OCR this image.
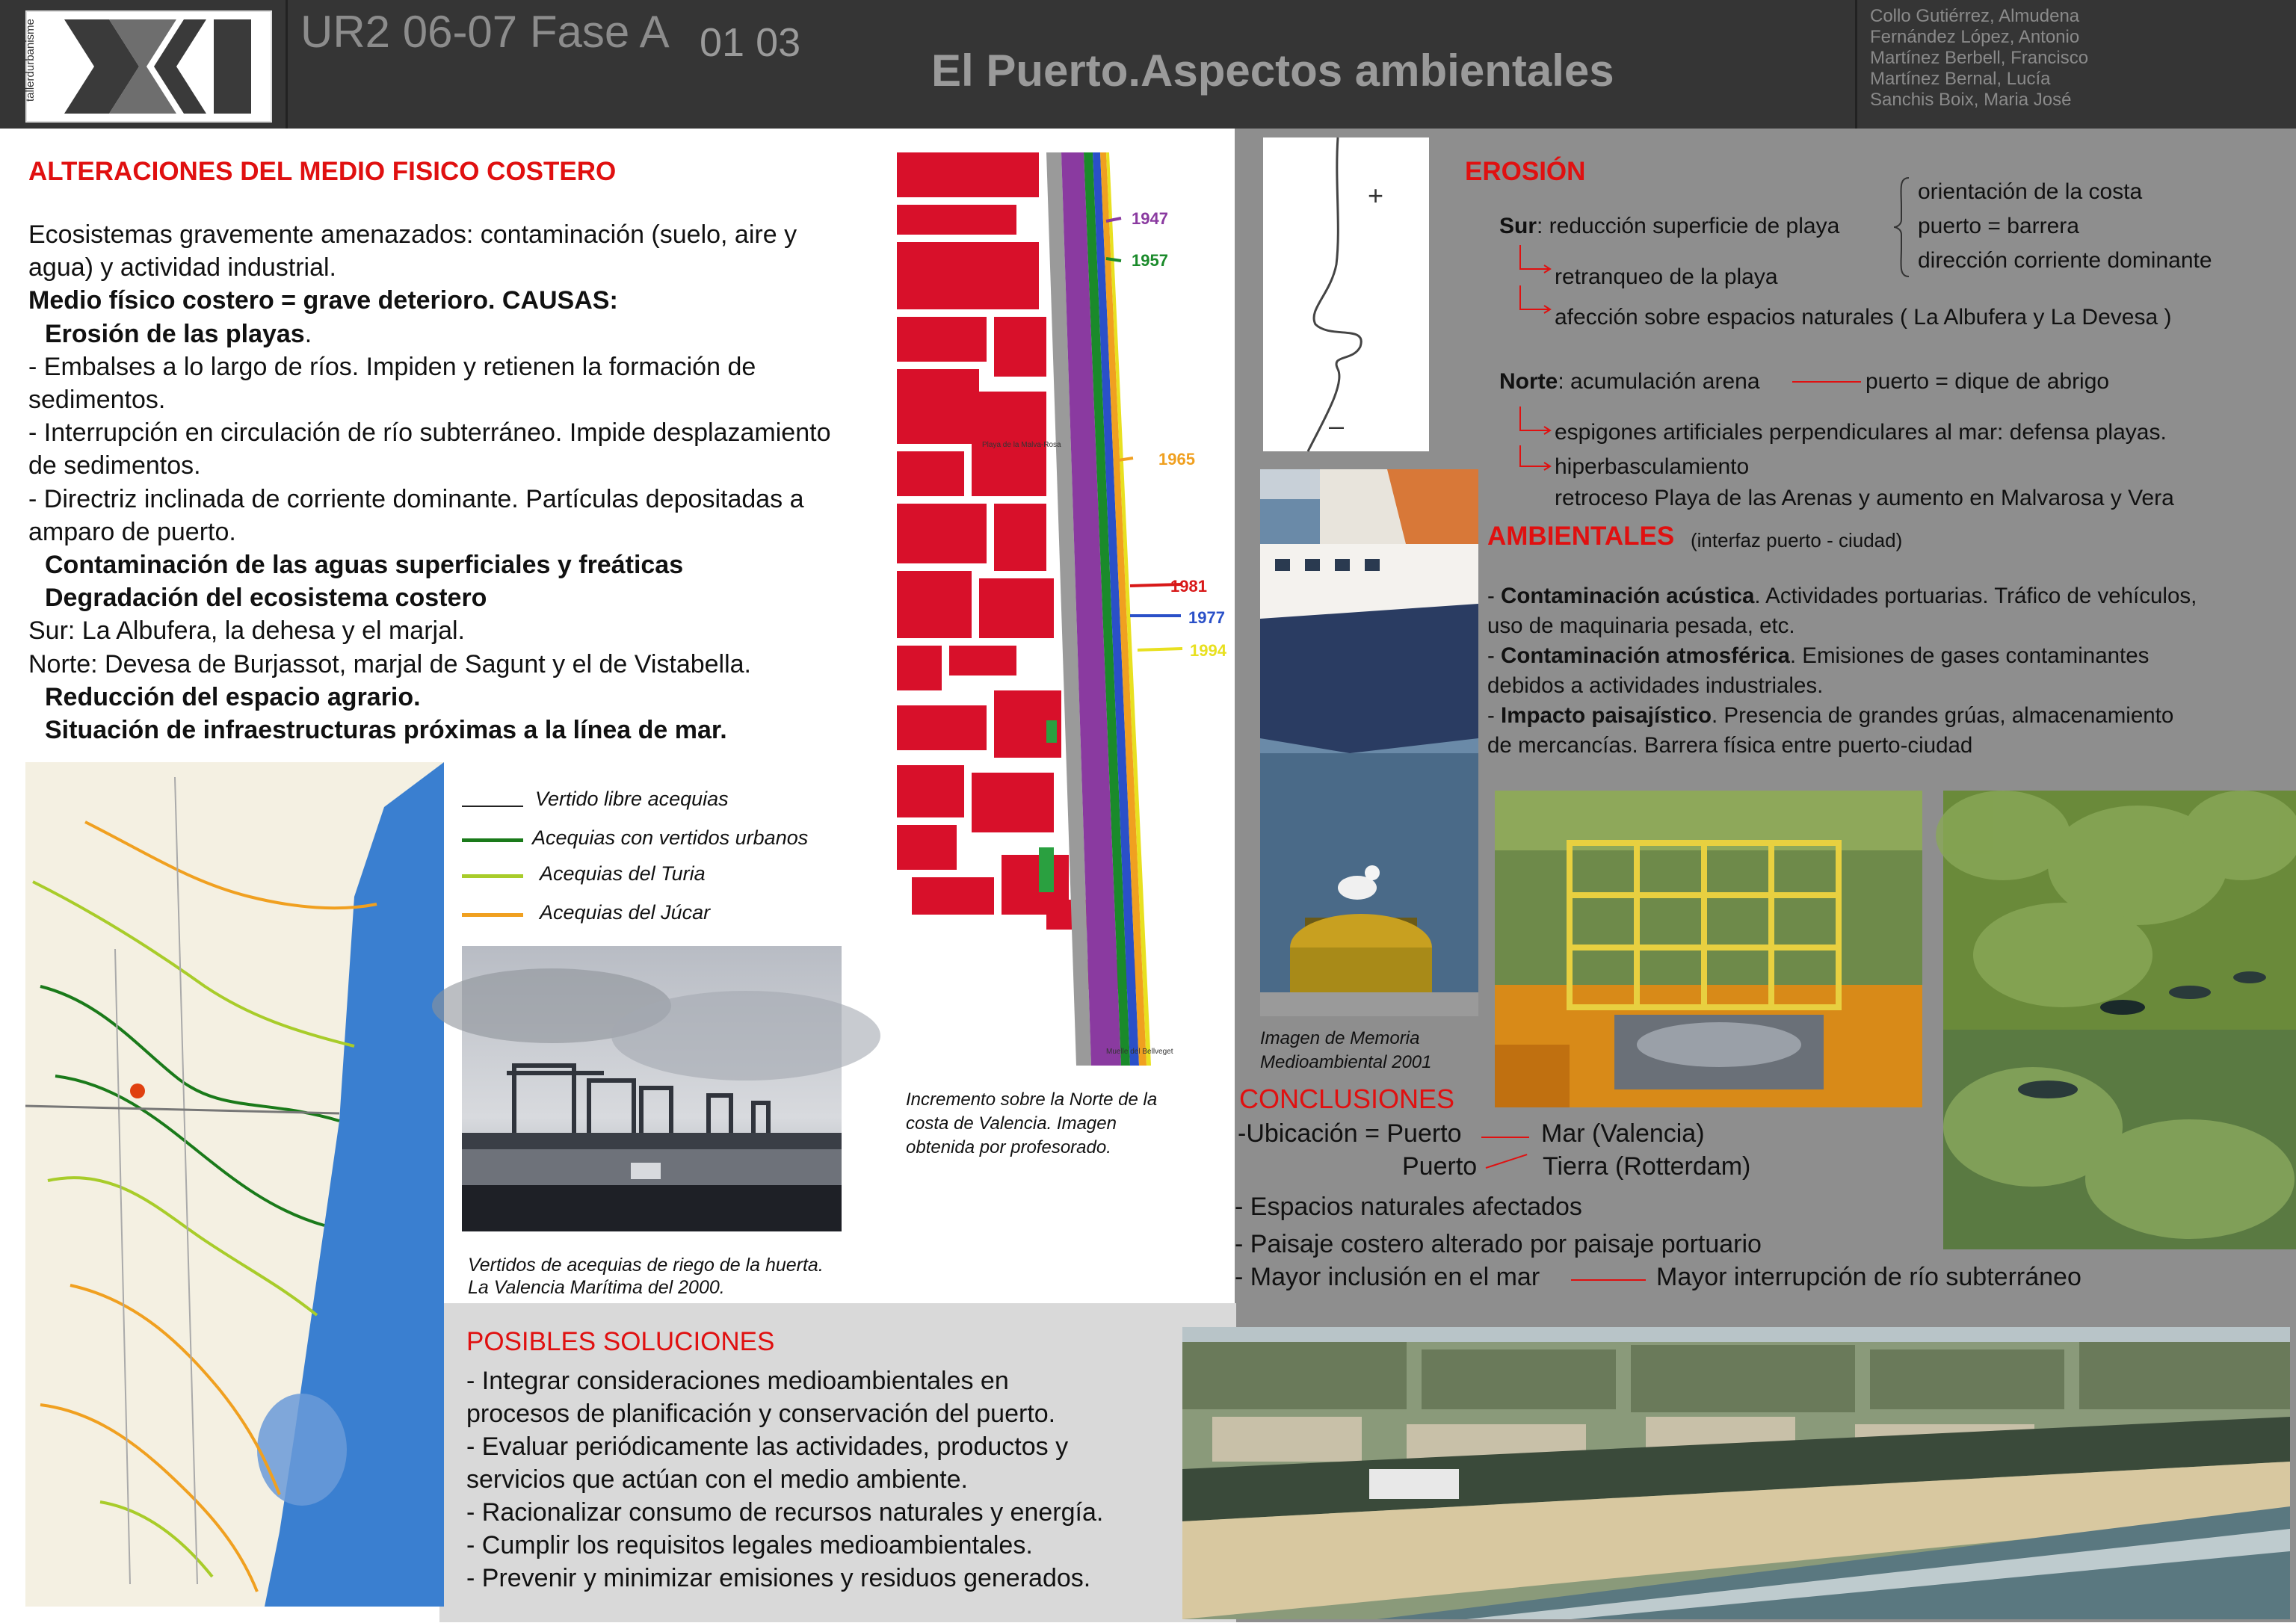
tallerdurbanisme	UR2 06-07 Fase A 01 03
El Puerto.Aspectos ambientales
Collo Gutiérrez, Almudena
Fernández López, Antonio
Martínez Berbell, Francisco
Martínez Bernal, Lucía
Sanchis Boix, Maria José
ALTERACIONES DEL MEDIO FISICO COSTERO

Ecosistemas gravemente amenazados: contaminación (suelo, aire y

agua) y actividad industrial.

Medio físico costero = grave deterioro. CAUSAS:

Erosión de las playas.

- Embalses a lo largo de ríos. Impiden y retienen la formación de

sedimentos.

- Interrupción en circulación de río subterráneo. Impide desplazamiento

de sedimentos.

- Directriz inclinada de corriente dominante. Partículas depositadas a

amparo de puerto.

Contaminación de las aguas superficiales y freáticas

Degradación del ecosistema costero

Sur: La Albufera, la dehesa y el marjal.

Norte: Devesa de Burjassot, marjal de Sagunt y el de Vistabella.

Reducción del espacio agrario.

Situación de infraestructuras próximas a la línea de mar.

Vertido libre acequias
Acequias con vertidos urbanos
Acequias del Turia
Acequias del Júcar
Vertidos de acequias de riego de la huerta.
La Valencia Marítima del 2000.
1947
1957
1965
1981
1977
1994
Playa de la Malva-Rosa
Muelle del Bellveget
Incremento sobre la Norte de la
costa de Valencia. Imagen
obtenida por profesorado.
+
–
EROSIÓN
Sur: reducción superficie de playa
orientación de la costa
puerto = barrera
dirección corriente dominante
retranqueo de la playa
afección sobre espacios naturales ( La Albufera y La Devesa )
Norte: acumulación arena	puerto = dique de abrigo
espigones artificiales perpendiculares al mar: defensa playas.
hiperbasculamiento
retroceso Playa de las Arenas y aumento en Malvarosa y Vera
AMBIENTALES (interfaz puerto - ciudad)

- Contaminación acústica. Actividades portuarias. Tráfico de vehículos,

uso de maquinaria pesada, etc.

- Contaminación atmosférica. Emisiones de gases contaminantes

debidos a actividades industriales.

- Impacto paisajístico. Presencia de grandes grúas, almacenamiento

de mercancías. Barrera física entre puerto-ciudad

Imagen de Memoria
Medioambiental 2001
CONCLUSIONES
-Ubicación = Puerto	Mar (Valencia)
Puerto	Tierra (Rotterdam)
- Espacios naturales afectados
- Paisaje costero alterado por paisaje portuario
- Mayor inclusión en el mar	Mayor interrupción de río subterráneo
POSIBLES SOLUCIONES

- Integrar consideraciones medioambientales en

procesos de planificación y conservación del puerto.

- Evaluar periódicamente las actividades, productos y

servicios que actúan con el medio ambiente.

- Racionalizar consumo de recursos naturales y energía.

- Cumplir los requisitos legales medioambientales.

- Prevenir y minimizar emisiones y residuos generados.
